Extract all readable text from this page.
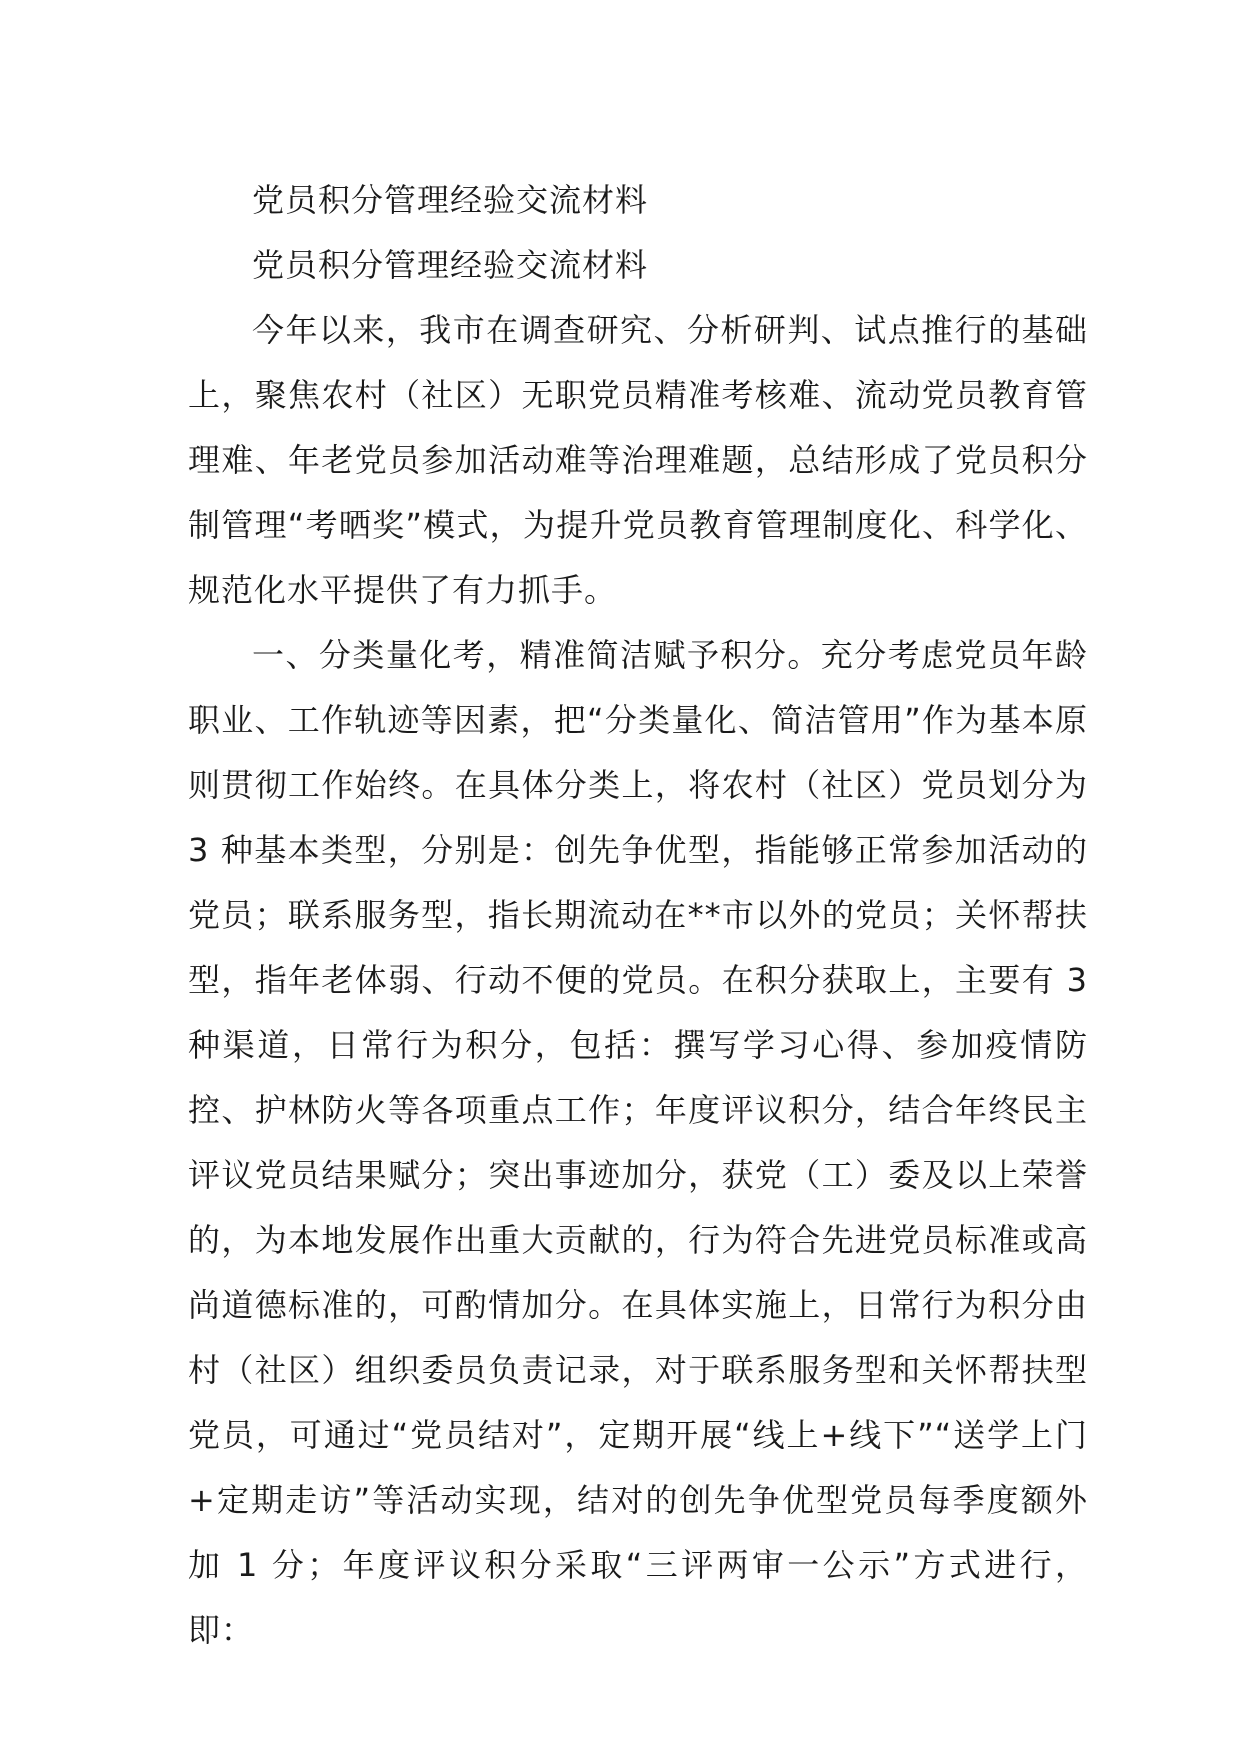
党员积分管理经验交流材料

党员积分管理经验交流材料

今年以来，我市在调查研究、分析研判、试点推行的基础上，聚焦农村（社区）无职党员精准考核难、流动党员教育管理难、年老党员参加活动难等治理难题，总结形成了党员积分制管理“考晒奖”模式，为提升党员教育管理制度化、科学化、规范化水平提供了有力抓手。

一、分类量化考，精准简洁赋予积分。充分考虑党员年龄职业、工作轨迹等因素，把“分类量化、简洁管用”作为基本原则贯彻工作始终。在具体分类上，将农村（社区）党员划分为 3 种基本类型，分别是：创先争优型，指能够正常参加活动的党员；联系服务型，指长期流动在**市以外的党员；关怀帮扶型，指年老体弱、行动不便的党员。在积分获取上，主要有 3 种渠道，日常行为积分，包括：撰写学习心得、参加疫情防控、护林防火等各项重点工作；年度评议积分，结合年终民主评议党员结果赋分；突出事迹加分，获党（工）委及以上荣誉的，为本地发展作出重大贡献的，行为符合先进党员标准或高尚道德标准的，可酌情加分。在具体实施上，日常行为积分由村（社区）组织委员负责记录，对于联系服务型和关怀帮扶型党员，可通过“党员结对”，定期开展“线上+线下”“送学上门+定期走访”等活动实现，结对的创先争优型党员每季度额外加 1 分；年度评议积分采取“三评两审一公示”方式进行，即：
